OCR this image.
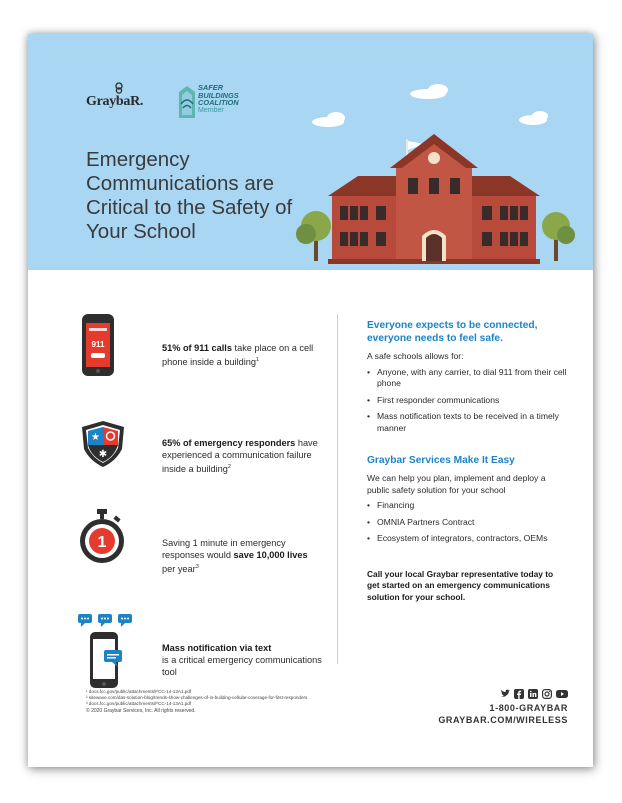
GraybaR.
SAFER
BUILDINGS
COALITION
Member
Emergency Communications are Critical to the Safety of Your School
911	51% of 911 calls take place on a cell phone inside a building$^1$
★
✱
65% of emergency responders have experienced a communication failure inside a building$^2$
1	Saving 1 minute in emergency responses would save 10,000 lives per year$^3$
Mass notification via text
is a critical emergency communications tool

Everyone expects to be connected, everyone needs to feel safe.

A safe schools allows for:

• Anyone, with any carrier, to dial 911 from their cell phone
• First responder communications
• Mass notification texts to be received in a timely manner

Graybar Services Make It Easy

We can help you plan, implement and deploy a public safety solution for your school

• Financing
• OMNIA Partners Contract
• Ecosystem of integrators, contractors, OEMs

Call your local Graybar representative today to get started on an emergency communications solution for your school.

¹ docs.fcc.gov/public/attachments/FCC-14-13A1.pdf
² sitewave.com/das-solution-blog/trends-show-challenges-of-in-building-cellular-coverage-for-first-responders
³ docs.fcc.gov/public/attachments/FCC-14-13A1.pdf
© 2020 Graybar Services, Inc. All rights reserved.	1-800-GRAYBAR
GRAYBAR.COM/WIRELESS
